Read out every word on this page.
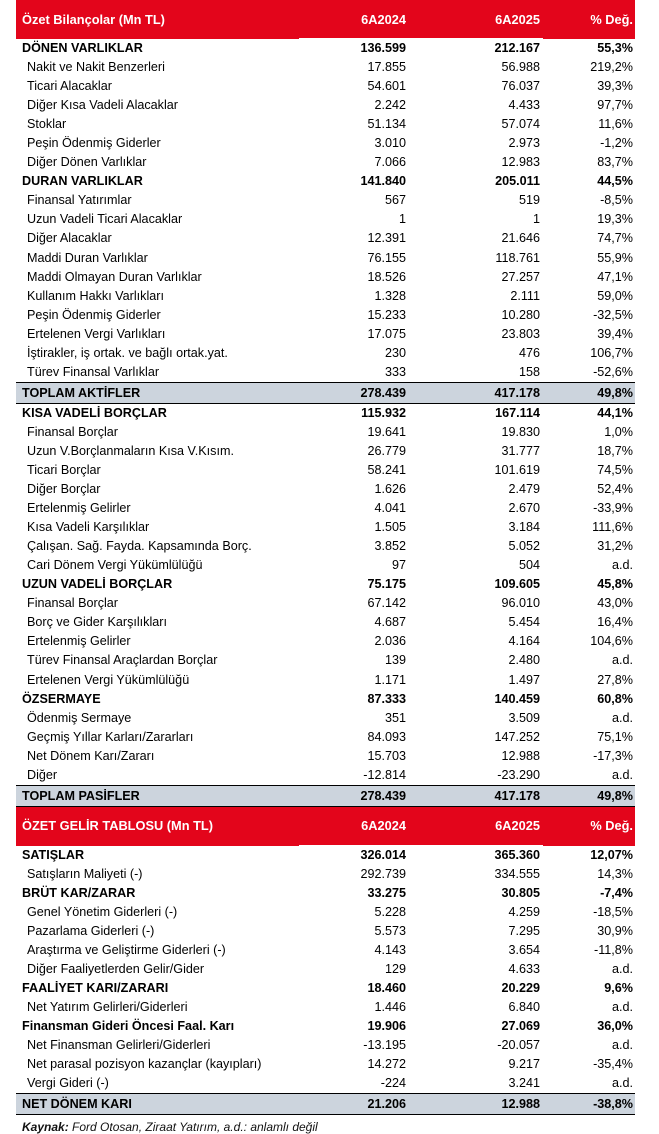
Özet Bilançolar (Mn TL)	6A2024	6A2025	% Değ.
DÖNEN VARLIKLAR	136.599	212.167	55,3%
Nakit ve Nakit Benzerleri	17.855	56.988	219,2%
Ticari Alacaklar	54.601	76.037	39,3%
Diğer Kısa Vadeli Alacaklar	2.242	4.433	97,7%
Stoklar	51.134	57.074	11,6%
Peşin Ödenmiş Giderler	3.010	2.973	-1,2%
Diğer Dönen Varlıklar	7.066	12.983	83,7%
DURAN VARLIKLAR	141.840	205.011	44,5%
Finansal Yatırımlar	567	519	-8,5%
Uzun Vadeli Ticari Alacaklar	1	1	19,3%
Diğer Alacaklar	12.391	21.646	74,7%
Maddi Duran Varlıklar	76.155	118.761	55,9%
Maddi Olmayan Duran Varlıklar	18.526	27.257	47,1%
Kullanım Hakkı Varlıkları	1.328	2.111	59,0%
Peşin Ödenmiş Giderler	15.233	10.280	-32,5%
Ertelenen Vergi Varlıkları	17.075	23.803	39,4%
İştirakler, iş ortak. ve bağlı ortak.yat.	230	476	106,7%
Türev Finansal Varlıklar	333	158	-52,6%
TOPLAM AKTİFLER	278.439	417.178	49,8%
KISA VADELİ BORÇLAR	115.932	167.114	44,1%
Finansal Borçlar	19.641	19.830	1,0%
Uzun V.Borçlanmaların Kısa V.Kısım.	26.779	31.777	18,7%
Ticari Borçlar	58.241	101.619	74,5%
Diğer Borçlar	1.626	2.479	52,4%
Ertelenmiş Gelirler	4.041	2.670	-33,9%
Kısa Vadeli Karşılıklar	1.505	3.184	111,6%
Çalışan. Sağ. Fayda. Kapsamında Borç.	3.852	5.052	31,2%
Cari Dönem Vergi Yükümlülüğü	97	504	a.d.
UZUN VADELİ BORÇLAR	75.175	109.605	45,8%
Finansal Borçlar	67.142	96.010	43,0%
Borç ve Gider Karşılıkları	4.687	5.454	16,4%
Ertelenmiş Gelirler	2.036	4.164	104,6%
Türev Finansal Araçlardan Borçlar	139	2.480	a.d.
Ertelenen Vergi Yükümlülüğü	1.171	1.497	27,8%
ÖZSERMAYE	87.333	140.459	60,8%
Ödenmiş Sermaye	351	3.509	a.d.
Geçmiş Yıllar Karları/Zararları	84.093	147.252	75,1%
Net Dönem Karı/Zararı	15.703	12.988	-17,3%
Diğer	-12.814	-23.290	a.d.
TOPLAM PASİFLER	278.439	417.178	49,8%
ÖZET GELİR TABLOSU (Mn TL)	6A2024	6A2025	% Değ.
SATIŞLAR	326.014	365.360	12,07%
Satışların Maliyeti (-)	292.739	334.555	14,3%
BRÜT KAR/ZARAR	33.275	30.805	-7,4%
Genel Yönetim Giderleri (-)	5.228	4.259	-18,5%
Pazarlama Giderleri (-)	5.573	7.295	30,9%
Araştırma ve Geliştirme Giderleri (-)	4.143	3.654	-11,8%
Diğer Faaliyetlerden Gelir/Gider	129	4.633	a.d.
FAALİYET KARI/ZARARI	18.460	20.229	9,6%
Net Yatırım Gelirleri/Giderleri	1.446	6.840	a.d.
Finansman Gideri Öncesi Faal. Karı	19.906	27.069	36,0%
Net Finansman Gelirleri/Giderleri	-13.195	-20.057	a.d.
Net parasal pozisyon kazançlar (kayıpları)	14.272	9.217	-35,4%
Vergi Gideri (-)	-224	3.241	a.d.
NET DÖNEM KARI	21.206	12.988	-38,8%
Kaynak: Ford Otosan, Ziraat Yatırım, a.d.: anlamlı değil
